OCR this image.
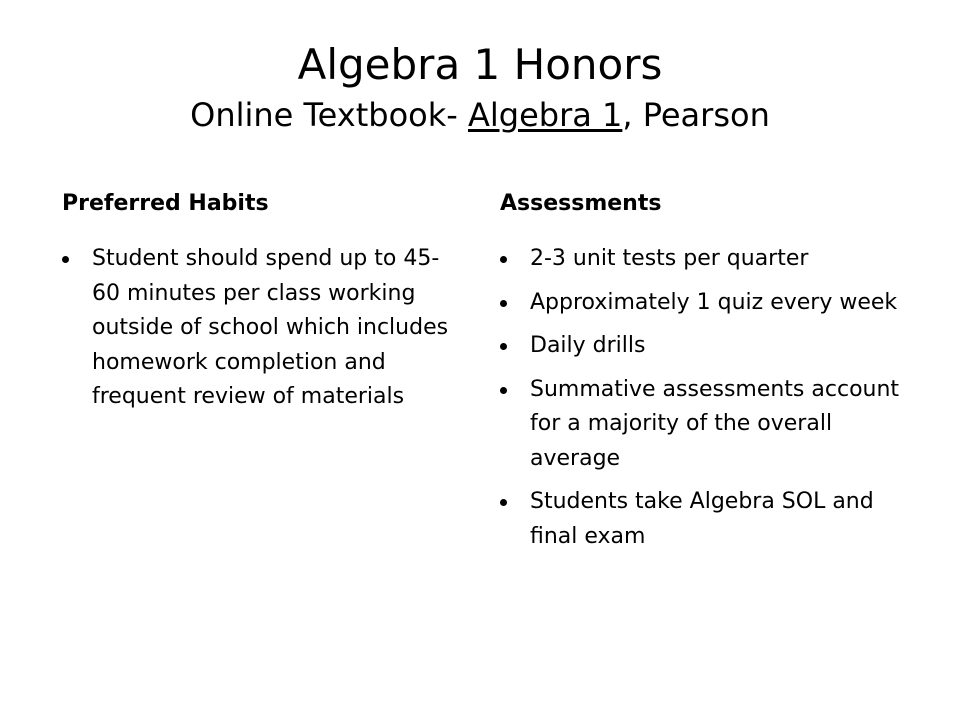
Algebra 1 Honors

Online Textbook- Algebra 1, Pearson

Preferred Habits
Student should spend up to 45-60 minutes per class working outside of school which includes homework completion and frequent review of materials
Assessments
2-3 unit tests per quarter
Approximately 1 quiz every week
Daily drills
Summative assessments account for a majority of the overall average
Students take Algebra SOL and final exam
